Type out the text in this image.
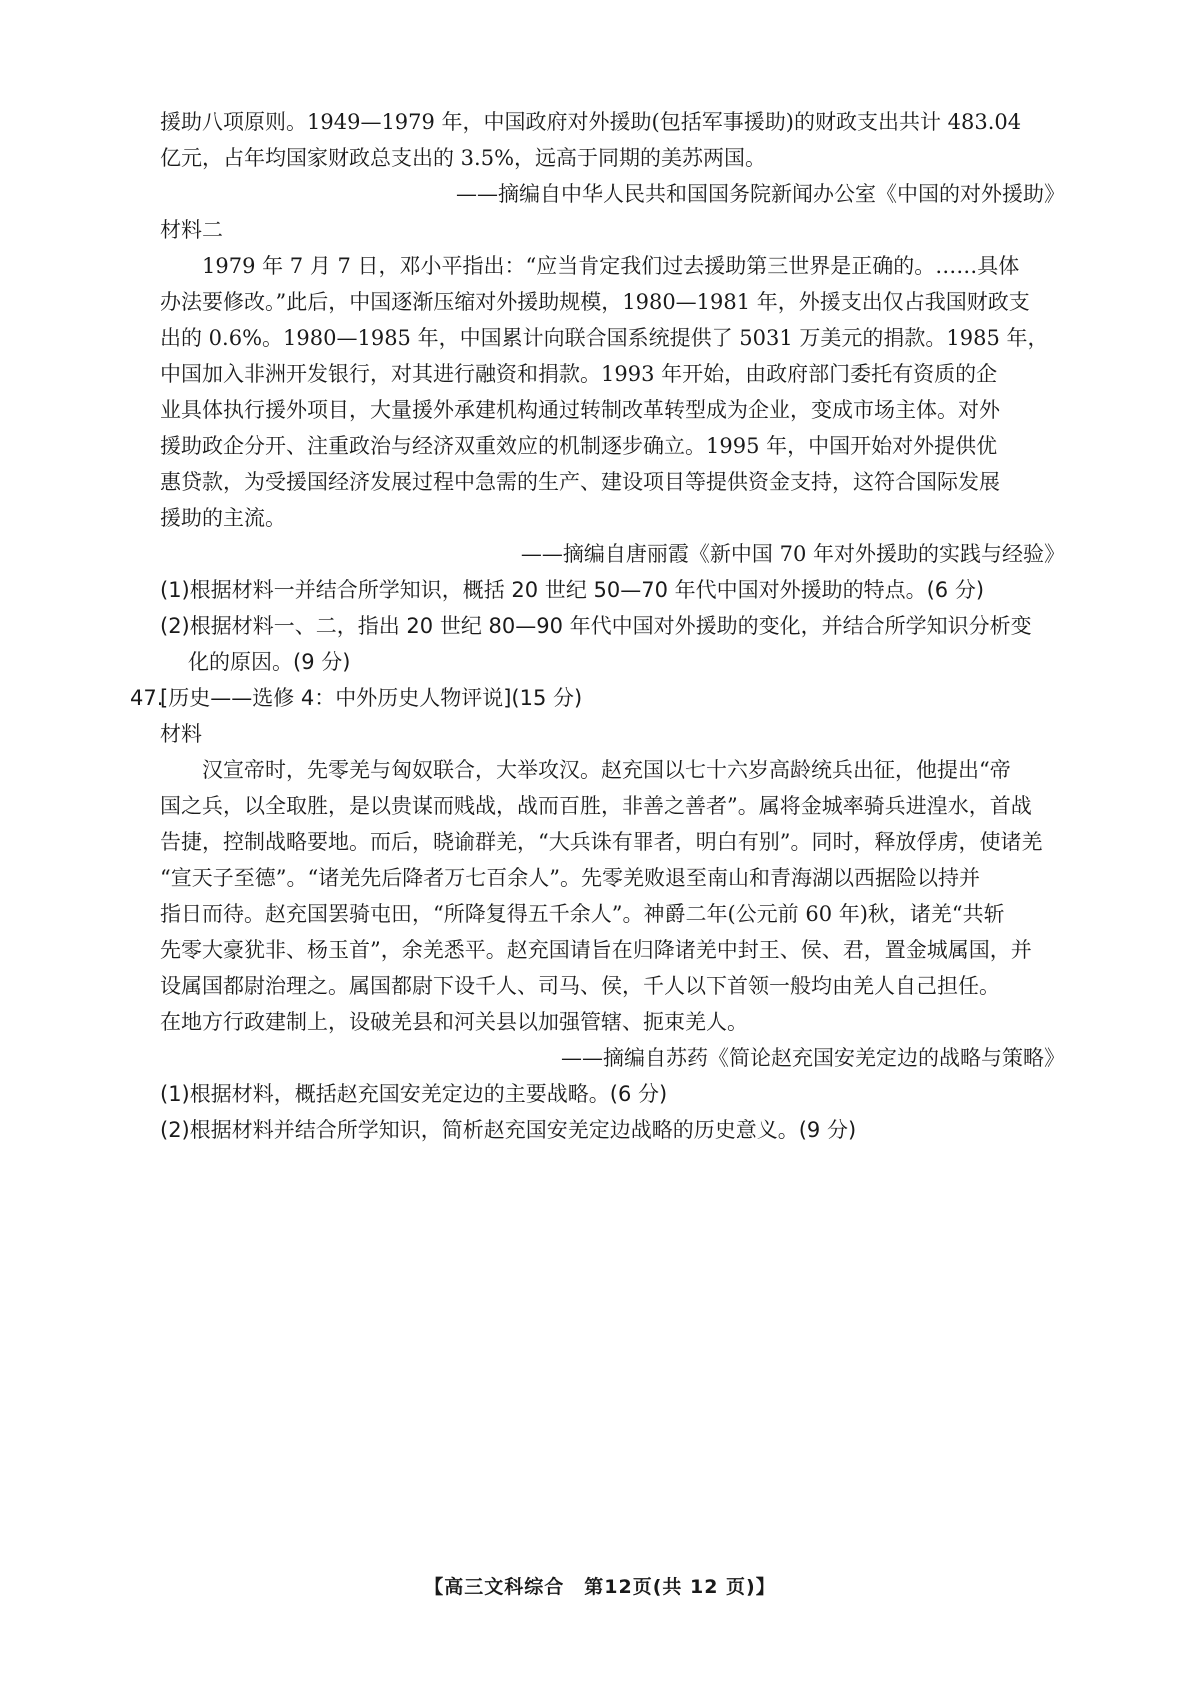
援助八项原则。1949—1979 年，中国政府对外援助(包括军事援助)的财政支出共计 483.04
亿元，占年均国家财政总支出的 3.5%，远高于同期的美苏两国。
——摘编自中华人民共和国国务院新闻办公室《中国的对外援助》
材料二
1979 年 7 月 7 日，邓小平指出：“应当肯定我们过去援助第三世界是正确的。……具体
办法要修改。”此后，中国逐渐压缩对外援助规模，1980—1981 年，外援支出仅占我国财政支
出的 0.6%。1980—1985 年，中国累计向联合国系统提供了 5031 万美元的捐款。1985 年，
中国加入非洲开发银行，对其进行融资和捐款。1993 年开始，由政府部门委托有资质的企
业具体执行援外项目，大量援外承建机构通过转制改革转型成为企业，变成市场主体。对外
援助政企分开、注重政治与经济双重效应的机制逐步确立。1995 年，中国开始对外提供优
惠贷款，为受援国经济发展过程中急需的生产、建设项目等提供资金支持，这符合国际发展
援助的主流。
——摘编自唐丽霞《新中国 70 年对外援助的实践与经验》
(1)根据材料一并结合所学知识，概括 20 世纪 50—70 年代中国对外援助的特点。(6 分)
(2)根据材料一、二，指出 20 世纪 80—90 年代中国对外援助的变化，并结合所学知识分析变
化的原因。(9 分)
47.
[历史——选修 4：中外历史人物评说](15 分)
材料
汉宣帝时，先零羌与匈奴联合，大举攻汉。赵充国以七十六岁高龄统兵出征，他提出“帝
国之兵，以全取胜，是以贵谋而贱战，战而百胜，非善之善者”。属将金城率骑兵进湟水，首战
告捷，控制战略要地。而后，晓谕群羌，“大兵诛有罪者，明白有别”。同时，释放俘虏，使诸羌
“宣天子至德”。“诸羌先后降者万七百余人”。先零羌败退至南山和青海湖以西据险以持并
指日而待。赵充国罢骑屯田，“所降复得五千余人”。神爵二年(公元前 60 年)秋，诸羌“共斩
先零大豪犹非、杨玉首”，余羌悉平。赵充国请旨在归降诸羌中封王、侯、君，置金城属国，并
设属国都尉治理之。属国都尉下设千人、司马、侯，千人以下首领一般均由羌人自己担任。
在地方行政建制上，设破羌县和河关县以加强管辖、扼束羌人。
——摘编自苏药《简论赵充国安羌定边的战略与策略》
(1)根据材料，概括赵充国安羌定边的主要战略。(6 分)
(2)根据材料并结合所学知识，简析赵充国安羌定边战略的历史意义。(9 分)
【高三文科综合　第12页(共 12 页)】
